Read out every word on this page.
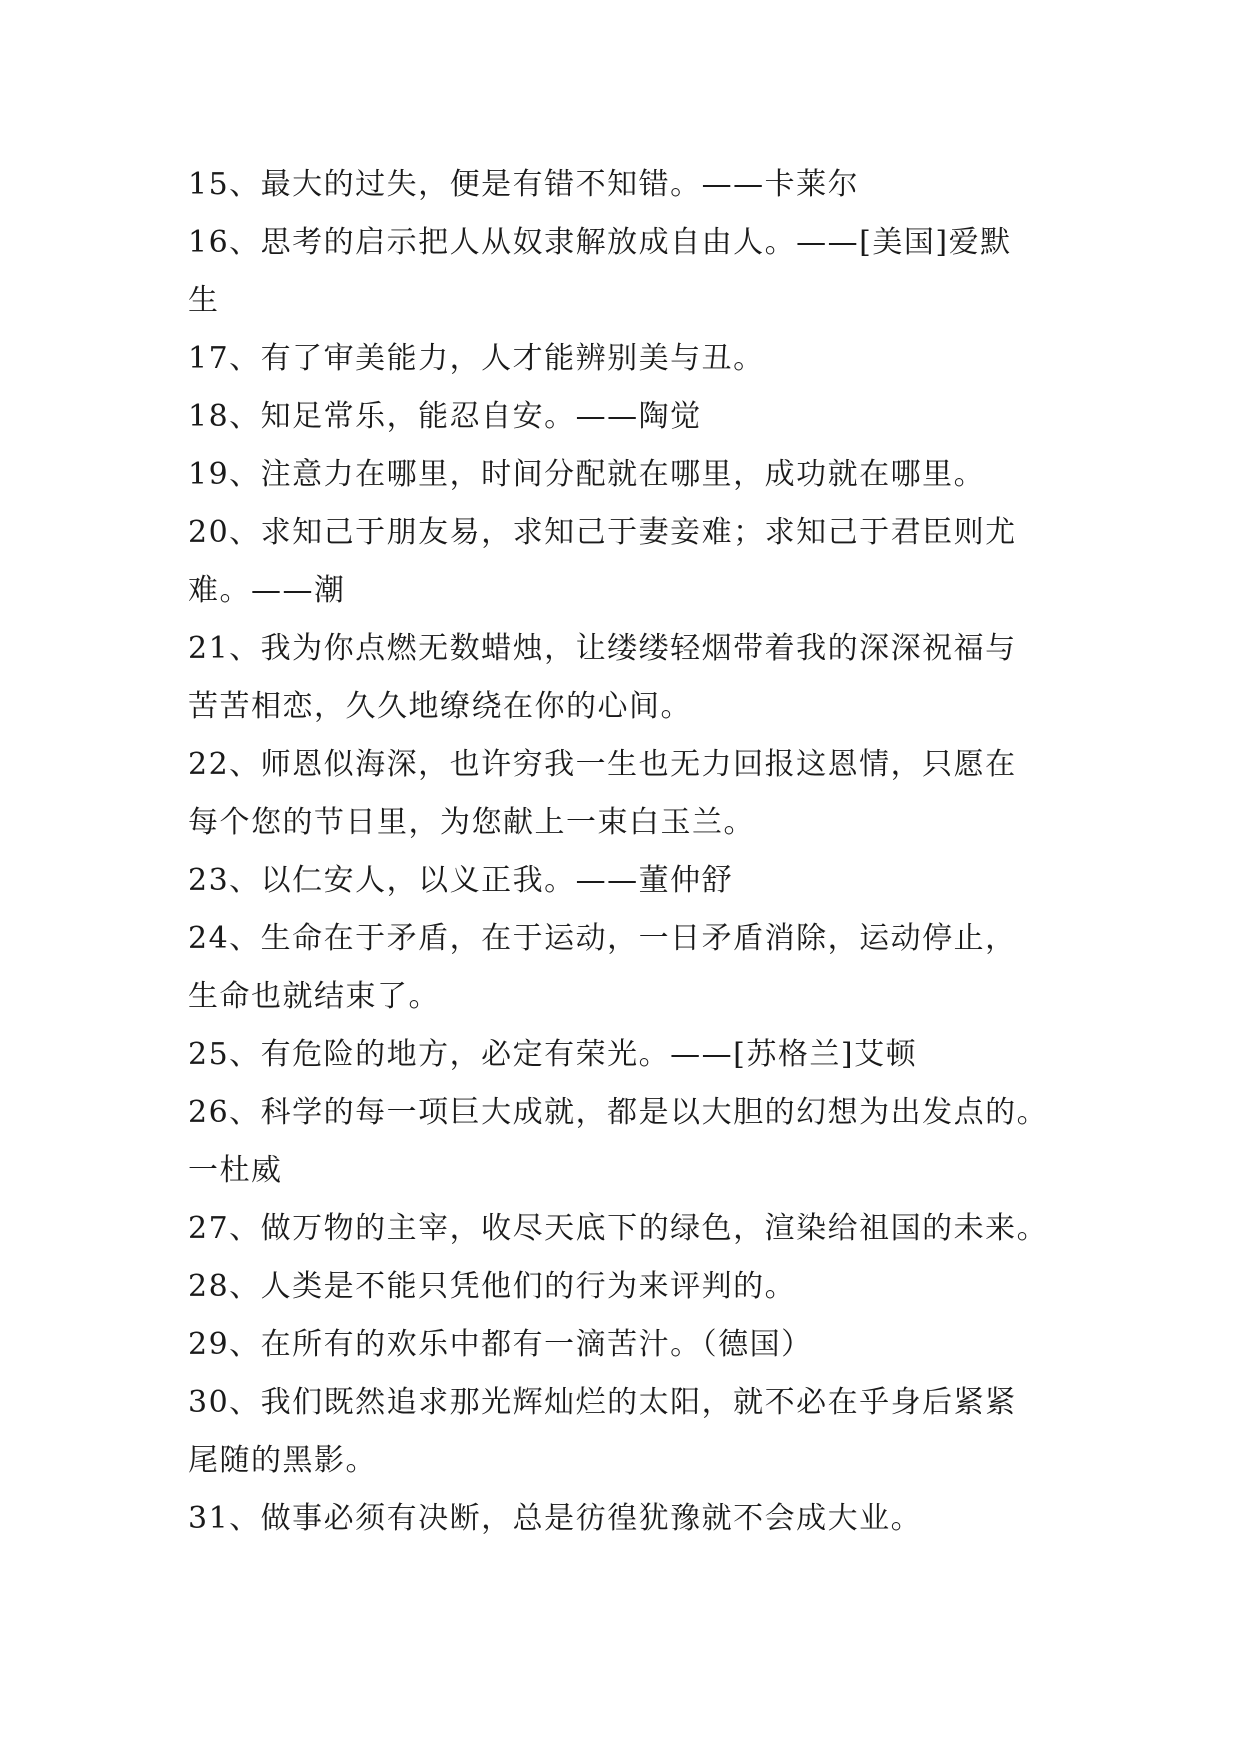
15、最大的过失，便是有错不知错。——卡莱尔
16、思考的启示把人从奴隶解放成自由人。——[美国]爱默
生
17、有了审美能力，人才能辨别美与丑。
18、知足常乐，能忍自安。——陶觉
19、注意力在哪里，时间分配就在哪里，成功就在哪里。
20、求知己于朋友易，求知己于妻妾难；求知己于君臣则尤
难。——潮
21、我为你点燃无数蜡烛，让缕缕轻烟带着我的深深祝福与
苦苦相恋，久久地缭绕在你的心间。
22、师恩似海深，也许穷我一生也无力回报这恩情，只愿在
每个您的节日里，为您献上一束白玉兰。
23、以仁安人，以义正我。——董仲舒
24、生命在于矛盾，在于运动，一日矛盾消除，运动停止，
生命也就结束了。
25、有危险的地方，必定有荣光。——[苏格兰]艾顿
26、科学的每一项巨大成就，都是以大胆的幻想为出发点的。
一杜威
27、做万物的主宰，收尽天底下的绿色，渲染给祖国的未来。
28、人类是不能只凭他们的行为来评判的。
29、在所有的欢乐中都有一滴苦汁。（德国）
30、我们既然追求那光辉灿烂的太阳，就不必在乎身后紧紧
尾随的黑影。
31、做事必须有决断，总是彷徨犹豫就不会成大业。
